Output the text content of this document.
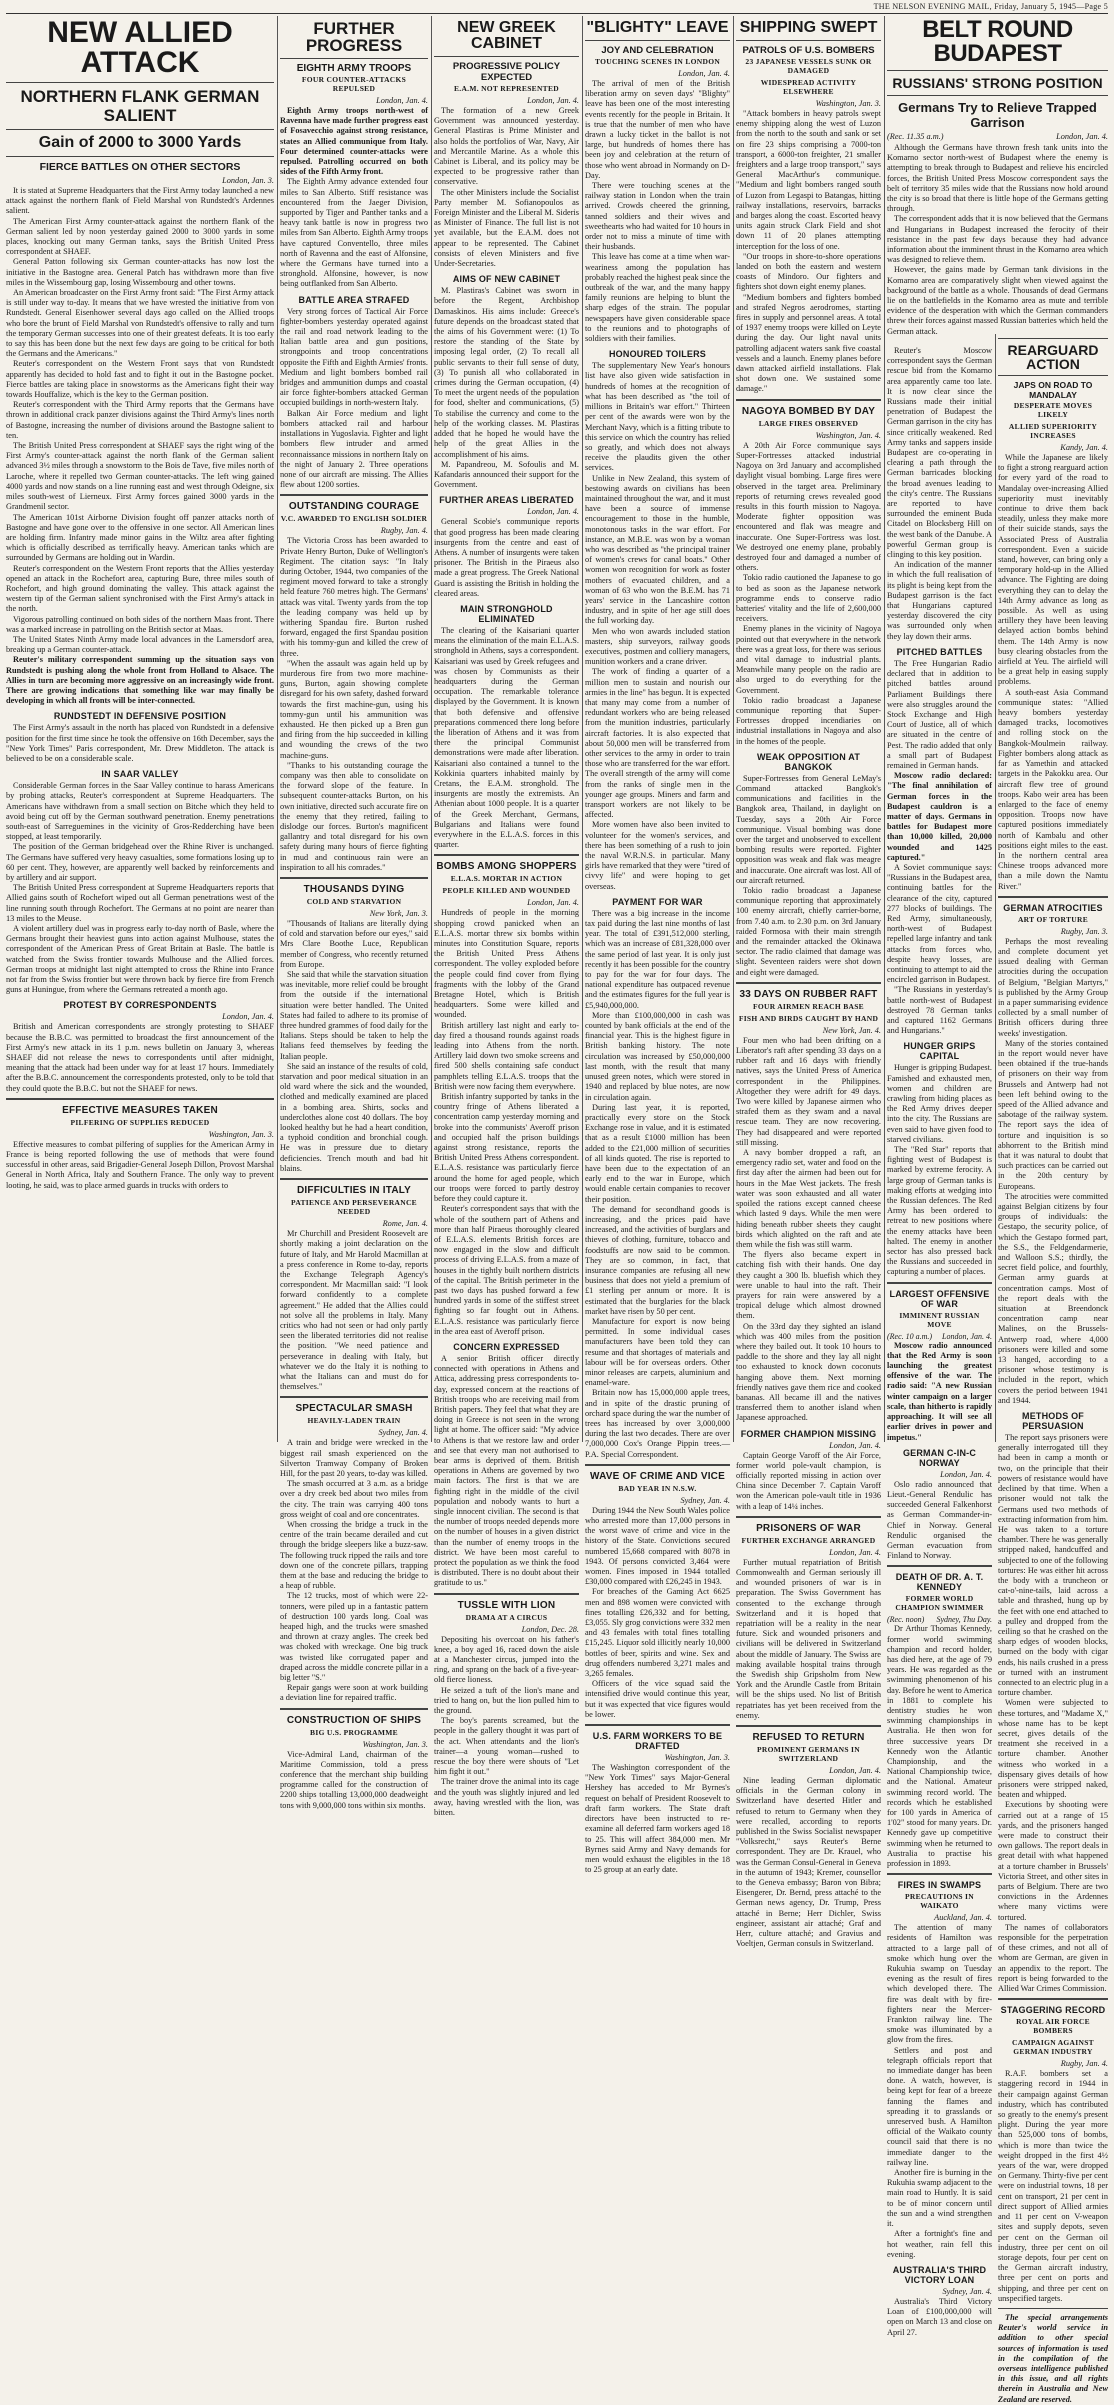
THE NELSON EVENING MAIL, Friday, January 5, 1945—Page 5
NEW ALLIED ATTACK
NORTHERN FLANK GERMAN SALIENT
Gain of 2000 to 3000 Yards
FIERCE BATTLES ON OTHER SECTORS
London, Jan. 3.

It is stated at Supreme Headquarters that the First Army today launched a new attack against the northern flank of Field Marshal von Rundstedt's Ardennes salient.

The American First Army counter-attack against the northern flank of the German salient led by noon yesterday gained 2000 to 3000 yards in some places, knocking out many German tanks, says the British United Press correspondent at SHAEF.

General Patton following six German counter-attacks has now lost the initiative in the Bastogne area. General Patch has withdrawn more than five miles in the Wissembourg gap, losing Wissembourg and other towns.

An American broadcaster on the First Army front said: "The First Army attack is still under way to-day. It means that we have wrested the initiative from von Rundstedt. General Eisenhower several days ago called on the Allied troops who bore the brunt of Field Marshal von Rundstedt's offensive to rally and turn the temporary German successes into one of their greatest defeats. It is too early to say this has been done but the next few days are going to be critical for both the Germans and the Americans."

Reuter's correspondent on the Western Front says that von Rundstedt apparently has decided to hold fast and to fight it out in the Bastogne pocket. Fierce battles are taking place in snowstorms as the Americans fight their way towards Houffalize, which is the key to the German position.

Reuter's correspondent with the Third Army reports that the Germans have thrown in additional crack panzer divisions against the Third Army's lines north of Bastogne, increasing the number of divisions around the Bastogne salient to ten.

The British United Press correspondent at SHAEF says the right wing of the First Army's counter-attack against the north flank of the German salient advanced 3½ miles through a snowstorm to the Bois de Tave, five miles north of Laroche, where it repelled two German counter-attacks. The left wing gained 4000 yards and now stands on a line running east and west through Odeigne, six miles south-west of Lierneux. First Army forces gained 3000 yards in the Grandmenil sector.

The American 101st Airborne Division fought off panzer attacks north of Bastogne and have gone over to the offensive in one sector. All American lines are holding firm. Infantry made minor gains in the Wiltz area after fighting which is officially described as terrifically heavy. American tanks which are surrounded by Germans are holding out in Wardin.

Reuter's correspondent on the Western Front reports that the Allies yesterday opened an attack in the Rochefort area, capturing Bure, three miles south of Rochefort, and high ground dominating the valley. This attack against the western tip of the German salient synchronised with the First Army's attack in the north.

Vigorous patrolling continued on both sides of the northern Maas front. There was a marked increase in patrolling on the British sector at Maas.

The United States Ninth Army made local advances in the Lamersdorf area, breaking up a German counter-attack.

Reuter's military correspondent summing up the situation says von Rundstedt is pushing along the whole front from Holland to Alsace. The Allies in turn are becoming more aggressive on an increasingly wide front. There are growing indications that something like war may finally be developing in which all fronts will be inter-connected.

RUNDSTEDT IN DEFENSIVE POSITION

The First Army's assault in the north has placed von Rundstedt in a defensive position for the first time since he took the offensive on 16th December, says the "New York Times" Paris correspondent, Mr. Drew Middleton. The attack is believed to be on a considerable scale.

IN SAAR VALLEY

Considerable German forces in the Saar Valley continue to harass Americans by probing attacks, Reuter's correspondent at Supreme Headquarters. The Americans have withdrawn from a small section on Bitche which they held to avoid being cut off by the German southward penetration. Enemy penetrations south-east of Sarreguemines in the vicinity of Gros-Redderching have been stopped, at least temporarily.

The position of the German bridgehead over the Rhine River is unchanged. The Germans have suffered very heavy casualties, some formations losing up to 60 per cent. They, however, are apparently well backed by reinforcements and by artillery and air support.

The British United Press correspondent at Supreme Headquarters reports that Allied gains south of Rochefort wiped out all German penetrations west of the line running south through Rochefort. The Germans at no point are nearer than 13 miles to the Meuse.

A violent artillery duel was in progress early to-day north of Basle, where the Germans brought their heaviest guns into action against Mulhouse, states the correspondent of the American Press of Great Britain at Basle. The battle is watched from the Swiss frontier towards Mulhouse and the Allied forces. German troops at midnight last night attempted to cross the Rhine into France not far from the Swiss frontier but were thrown back by fierce fire from French guns at Huningue, from where the Germans retreated a month ago.

PROTEST BY CORRESPONDENTS
London, Jan. 4.

British and American correspondents are strongly protesting to SHAEF because the B.B.C. was permitted to broadcast the first announcement of the First Army's new attack in its 1 p.m. news bulletin on January 3, whereas SHAEF did not release the news to correspondents until after midnight, meaning that the attack had been under way for at least 17 hours. Immediately after the B.B.C. announcement the correspondents protested, only to be told that they could quote the B.B.C. but not the SHAEF for news.

EFFECTIVE MEASURES TAKEN
PILFERING OF SUPPLIES REDUCED
Washington, Jan. 3.

Effective measures to combat pilfering of supplies for the American Army in France is being reported following the use of methods that were found successful in other areas, said Brigadier-General Joseph Dillon, Provost Marshal General in North Africa, Italy and Southern France. The only way to prevent looting, he said, was to place armed guards in trucks with orders to

FURTHER PROGRESS
EIGHTH ARMY TROOPS
FOUR COUNTER-ATTACKS REPULSED
London, Jan. 4.

Eighth Army troops north-west of Ravenna have made further progress east of Fosavecchio against strong resistance, states an Allied communique from Italy. Four determined counter-attacks were repulsed. Patrolling occurred on both sides of the Fifth Army front.

The Eighth Army advance extended four miles to San Alberto. Stiff resistance was encountered from the Jaeger Division, supported by Tiger and Panther tanks and a heavy tank battle is now in progress two miles from San Alberto. Eighth Army troops have captured Conventello, three miles north of Ravenna and the east of Alfonsine, where the Germans have turned into a stronghold. Alfonsine, however, is now being outflanked from San Alberto.

BATTLE AREA STRAFED

Very strong forces of Tactical Air Force fighter-bombers yesterday operated against the rail and road network leading to the Italian battle area and gun positions, strongpoints and troop concentrations opposite the Fifth and Eighth Armies' fronts. Medium and light bombers bombed rail bridges and ammunition dumps and coastal air force fighter-bombers attacked German occupied buildings in north-western Italy.

Balkan Air Force medium and light bombers attacked rail and harbour installations in Yugoslavia. Fighter and light bombers flew intruder and armed reconnaissance missions in northern Italy on the night of January 2. Three operations none of our aircraft are missing. The Allies flew about 1200 sorties.

OUTSTANDING COURAGE
V.C. AWARDED TO ENGLISH SOLDIER
Rugby, Jan. 4.

The Victoria Cross has been awarded to Private Henry Burton, Duke of Wellington's Regiment. The citation says: "In Italy during October, 1944, two companies of the regiment moved forward to take a strongly held feature 760 metres high. The Germans' attack was vital. Twenty yards from the top the leading company was held up by withering Spandau fire. Burton rushed forward, engaged the first Spandau position with his tommy-gun and killed the crew of three.

"When the assault was again held up by murderous fire from two more machine-guns, Burton, again showing complete disregard for his own safety, dashed forward towards the first machine-gun, using his tommy-gun until his ammunition was exhausted. He then picked up a Bren gun and firing from the hip succeeded in killing and wounding the crews of the two machine-guns.

"Thanks to his outstanding courage the company was then able to consolidate on the forward slope of the feature. In subsequent counter-attacks Burton, on his own initiative, directed such accurate fire on the enemy that they retired, failing to dislodge our forces. Burton's magnificent gallantry and total disregard for his own safety during many hours of fierce fighting in mud and continuous rain were an inspiration to all his comrades."

THOUSANDS DYING
COLD AND STARVATION
New York, Jan. 3.

"Thousands of Italians are literally dying of cold and starvation before our eyes," said Mrs Clare Boothe Luce, Republican member of Congress, who recently returned from Europe.

She said that while the starvation situation was inevitable, more relief could be brought from the outside if the international situation were better handled. The United States had failed to adhere to its promise of three hundred grammes of food daily for the Italians. Steps should be taken to help the Italians feed themselves by feeding the Italian people.

She said an instance of the results of cold, starvation and poor medical situation in an old ward where the sick and the wounded, clothed and medically examined are placed in a bombing area. Shirts, socks and underclothes alone cost 40 dollars. The boy looked healthy but he had a heart condition, a typhoid condition and bronchial cough. He was in pressure due to dietary deficiencies. Trench mouth and bad hit blains.

DIFFICULTIES IN ITALY
PATIENCE AND PERSEVERANCE NEEDED
Rome, Jan. 4.

Mr Churchill and President Roosevelt are shortly making a joint declaration on the future of Italy, and Mr Harold Macmillan at a press conference in Rome to-day, reports the Exchange Telegraph Agency's correspondent. Mr Macmillan said: "I look forward confidently to a complete agreement." He added that the Allies could not solve all the problems in Italy. Many critics who had not seen or had only partly seen the liberated territories did not realise the position. "We need patience and perseverance in dealing with Italy, but whatever we do the Italy it is nothing to what the Italians can and must do for themselves."

SPECTACULAR SMASH
HEAVILY-LADEN TRAIN
Sydney, Jan. 4.

A train and bridge were wrecked in the biggest rail smash experienced on the Silverton Tramway Company of Broken Hill, for the past 20 years, to-day was killed.

The smash occurred at 3 a.m. as a bridge over a dry creek bed about two miles from the city. The train was carrying 400 tons gross weight of coal and ore concentrates.

When crossing the bridge a truck in the centre of the train became derailed and cut through the bridge sleepers like a buzz-saw. The following truck ripped the rails and tore down one of the concrete pillars, trapping them at the base and reducing the bridge to a heap of rubble.

The 12 trucks, most of which were 22-tonners, were piled up in a fantastic pattern of destruction 100 yards long. Coal was heaped high, and the trucks were smashed and thrown at crazy angles. The creek bed was choked with wreckage. One big truck was twisted like corrugated paper and draped across the middle concrete pillar in a big letter "S."

Repair gangs were soon at work building a deviation line for repaired traffic.

CONSTRUCTION OF SHIPS
BIG U.S. PROGRAMME
Washington, Jan. 3.

Vice-Admiral Land, chairman of the Maritime Commission, told a press conference that the merchant ship building programme called for the construction of 2200 ships totalling 13,000,000 deadweight tons with 9,000,000 tons within six months.

NEW GREEK CABINET
PROGRESSIVE POLICY EXPECTED
E.A.M. NOT REPRESENTED
London, Jan. 4.

The formation of a new Greek Government was announced yesterday. General Plastiras is Prime Minister and also holds the portfolios of War, Navy, Air and Mercantile Marine. As a whole this Cabinet is Liberal, and its policy may be expected to be progressive rather than conservative.

The other Ministers include the Socialist Party member M. Sofianopoulos as Foreign Minister and the Liberal M. Sideris as Minister of Finance. The full list is not yet available, but the E.A.M. does not appear to be represented. The Cabinet consists of eleven Ministers and five Under-Secretaries.

AIMS OF NEW CABINET

M. Plastiras's Cabinet was sworn in before the Regent, Archbishop Damaskinos. His aims include: Greece's future depends on the broadcast stated that the aims of his Government were: (1) To restore the standing of the State by imposing legal order, (2) To recall all public servants to their full sense of duty, (3) To punish all who collaborated in crimes during the German occupation, (4) To meet the urgent needs of the population for food, shelter and communications, (5) To stabilise the currency and come to the help of the working classes. M. Plastiras added that he hoped he would have the help of the great Allies in the accomplishment of his aims.

M. Papandreou, M. Sofoulis and M. Kafandaris announced their support for the Government.

FURTHER AREAS LIBERATED
London, Jan. 4.

General Scobie's communique reports that good progress has been made clearing insurgents from the centre and east of Athens. A number of insurgents were taken prisoner. The British in the Piraeus also made a great progress. The Greek National Guard is assisting the British in holding the cleared areas.

MAIN STRONGHOLD ELIMINATED

The clearing of the Kaisariani quarter means the elimination of the main E.L.A.S. stronghold in Athens, says a correspondent. Kaisariani was used by Greek refugees and was chosen by Communists as their headquarters during the German occupation. The remarkable tolerance displayed by the Government. It is known that both defensive and offensive preparations commenced there long before the liberation of Athens and it was from there the principal Communist demonstrations were made after liberation. Kaisariani also contained a tunnel to the Kokkinia quarters inhabited mainly by Cretans, the E.A.M. stronghold. The insurgents are mostly the extremists. An Athenian about 1000 people. It is a quarter of the Greek Merchant, Germans, Bulgarians and Italians were found everywhere in the E.L.A.S. forces in this quarter.

BOMBS AMONG SHOPPERS
E.L.A.S. MORTAR IN ACTION
PEOPLE KILLED AND WOUNDED
London, Jan. 4.

Hundreds of people in the morning shopping crowd panicked when an E.L.A.S. mortar threw six bombs within minutes into Constitution Square, reports the British United Press Athens correspondent. The volley exploded before the people could find cover from flying fragments with the lobby of the Grand Bretagne Hotel, which is British headquarters. Some were killed and wounded.

British artillery last night and early to-day fired a thousand rounds against roads leading into Athens from the north. Artillery laid down two smoke screens and fired 500 shells containing safe conduct pamphlets telling E.L.A.S. troops that the British were now facing them everywhere.

British infantry supported by tanks in the country fringe of Athens liberated a concentration camp yesterday morning and broke into the communists' Averoff prison and occupied half the prison buildings against strong resistance, reports the British United Press Athens correspondent. E.L.A.S. resistance was particularly fierce around the home for aged people, which our troops were forced to partly destroy before they could capture it.

Reuter's correspondent says that with the whole of the southern part of Athens and more than half Piraeus thoroughly cleared of E.L.A.S. elements British forces are now engaged in the slow and difficult process of driving E.L.A.S. from a maze of houses in the tightly built northern districts of the capital. The British perimeter in the past two days has pushed forward a few hundred yards in some of the stiffest street fighting so far fought out in Athens. E.L.A.S. resistance was particularly fierce in the area east of Averoff prison.

CONCERN EXPRESSED

A senior British officer directly connected with operations in Athens and Attica, addressing press correspondents to-day, expressed concern at the reactions of British troops who are receiving mail from British papers. They feel that what they are doing in Greece is not seen in the wrong light at home. The officer said: "My advice to Athens is that we restore law and order and see that every man not authorised to bear arms is deprived of them. British operations in Athens are governed by two main factors. The first is that we are fighting right in the middle of the civil population and nobody wants to hurt a single innocent civilian. The second is that the number of troops needed depends more on the number of houses in a given district than the number of enemy troops in the district. We have been most careful to protect the population as we think the food is distributed. There is no doubt about their gratitude to us."

TUSSLE WITH LION
DRAMA AT A CIRCUS
London, Dec. 28.

Depositing his overcoat on his father's knee, a boy aged 16, raced down the aisle at a Manchester circus, jumped into the ring, and sprang on the back of a five-year-old fierce lioness.

He seized a tuft of the lion's mane and tried to hang on, but the lion pulled him to the ground.

The boy's parents screamed, but the people in the gallery thought it was part of the act. When attendants and the lion's trainer—a young woman—rushed to rescue the boy there were shouts of "Let him fight it out."

The trainer drove the animal into its cage and the youth was slightly injured and led away, having wrestled with the lion, was bitten.

"BLIGHTY" LEAVE
JOY AND CELEBRATION
TOUCHING SCENES IN LONDON
London, Jan. 4.

The arrival of men of the British liberation army on seven days' "Blighty" leave has been one of the most interesting events recently for the people in Britain. It is true that the number of men who have drawn a lucky ticket in the ballot is not large, but hundreds of homes there has been joy and celebration at the return of those who went abroad in Normandy on D-Day.

There were touching scenes at the railway station in London when the train arrived. Crowds cheered the grinning, tanned soldiers and their wives and sweethearts who had waited for 10 hours in order not to miss a minute of time with their husbands.

This leave has come at a time when war-weariness among the population has probably reached the highest peak since the outbreak of the war, and the many happy family reunions are helping to blunt the sharp edges of the strain. The popular newspapers have given considerable space to the reunions and to photographs of soldiers with their families.

HONOURED TOILERS

The supplementary New Year's honours list have also given wide satisfaction in hundreds of homes at the recognition of what has been described as "the toil of millions in Britain's war effort." Thirteen per cent of the awards were won by the Merchant Navy, which is a fitting tribute to this service on which the country has relied so greatly, and which does not always receive the plaudits given the other services.

Unlike in New Zealand, this system of bestowing awards on civilians has been maintained throughout the war, and it must have been a source of immense encouragement to those in the humble, monotonous tasks in the war effort. For instance, an M.B.E. was won by a woman who was described as "the principal trainer of women's crews for canal boats." Other women won recognition for work as foster mothers of evacuated children, and a woman of 63 who won the B.E.M. has 71 years' service in the Lancashire cotton industry, and in spite of her age still does the full working day.

Men who won awards included station masters, ship surveyors, railway goods executives, postmen and colliery managers, munition workers and a crane driver.

The work of finding a quarter of a million men to sustain and nourish our armies in the line" has begun. It is expected that many may come from a number of redundant workers who are being released from the munition industries, particularly aircraft factories. It is also expected that about 50,000 men will be transferred from other services to the army in order to train those who are transferred for the war effort. The overall strength of the army will come from the ranks of single men in the younger age groups. Miners and farm and transport workers are not likely to be affected.

More women have also been invited to volunteer for the women's services, and there has been something of a rush to join the naval W.R.N.S. in particular. Many girls have remarked that they were "tired of civvy life" and were hoping to get overseas.

PAYMENT FOR WAR

There was a big increase in the income tax paid during the last nine months of last year. The total of £391,512,000 sterling, which was an increase of £81,328,000 over the same period of last year. It is only just recently it has been possible for the country to pay for the war for four days. The national expenditure has outpaced revenue and the estimates figures for the full year is £5,940,000,000.

More than £100,000,000 in cash was counted by bank officials at the end of the financial year. This is the highest figure in British banking history. The note circulation was increased by £50,000,000 last month, with the result that many unused green notes, which were stored in 1940 and replaced by blue notes, are now in circulation again.

During last year, it is reported, practically every store on the Stock Exchange rose in value, and it is estimated that as a result £1000 million has been added to the £21,000 million of securities of all kinds quoted. The rise is reported to have been due to the expectation of an early end to the war in Europe, which would enable certain companies to recover their position.

The demand for secondhand goods is increasing, and the prices paid have increased, and the activities of burglars and thieves of clothing, furniture, tobacco and foodstuffs are now said to be common. They are so common, in fact, that insurance companies are refusing all new business that does not yield a premium of £1 sterling per annum or more. It is estimated that the burglaries for the black market have risen by 50 per cent.

Manufacture for export is now being permitted. In some individual cases manufacturers have been told they can resume and that shortages of materials and labour will be for overseas orders. Other minor releases are carpets, aluminium and enamel-ware.

Britain now has 15,000,000 apple trees, and in spite of the drastic pruning of orchard space during the war the number of trees has increased by over 3,000,000 during the last two decades. There are over 7,000,000 Cox's Orange Pippin trees.—P.A. Special Correspondent.

WAVE OF CRIME AND VICE
BAD YEAR IN N.S.W.
Sydney, Jan. 4.

During 1944 the New South Wales police who arrested more than 17,000 persons in the worst wave of crime and vice in the history of the State. Convictions secured numbered 15,668 compared with 8078 in 1943. Of persons convicted 3,464 were women. Fines imposed in 1944 totalled £30,000 compared with £26,245 in 1943.

For breaches of the Gaming Act 6625 men and 898 women were convicted with fines totalling £26,332 and for betting, £3,055. Sly grog convictions were 332 men and 43 females with total fines totalling £15,245. Liquor sold illicitly nearly 10,000 bottles of beer, spirits and wine. Sex and drug offenders numbered 3,271 males and 3,265 females.

Officers of the vice squad said the intensified drive would continue this year, but it was expected that vice figures would be lower.

U.S. FARM WORKERS TO BE DRAFTED
Washington, Jan. 3.

The Washington correspondent of the "New York Times" says Major-General Hershey has acceded to Mr Byrnes's request on behalf of President Roosevelt to draft farm workers. The State draft directors have been instructed to re-examine all deferred farm workers aged 18 to 25. This will affect 384,000 men. Mr Byrnes said Army and Navy demands for men would exhaust the eligibles in the 18 to 25 group at an early date.

SHIPPING SWEPT
PATROLS OF U.S. BOMBERS
23 JAPANESE VESSELS SUNK OR DAMAGED
WIDESPREAD ACTIVITY ELSEWHERE
Washington, Jan. 3.

"Attack bombers in heavy patrols swept enemy shipping along the west of Luzon from the north to the south and sank or set on fire 23 ships comprising a 7000-ton transport, a 6000-ton freighter, 21 smaller freighters and a large troop transport," says General MacArthur's communique. "Medium and light bombers ranged south of Luzon from Legaspi to Batangas, hitting railway installations, reservoirs, barracks and barges along the coast. Escorted heavy units again struck Clark Field and shot down 11 of 20 planes attempting interception for the loss of one.

"Our troops in shore-to-shore operations landed on both the eastern and western coasts of Mindoro. Our fighters and fighters shot down eight enemy planes.

"Medium bombers and fighters bombed and strafed Negros aerodromes, starting fires in supply and personnel areas. A total of 1937 enemy troops were killed on Leyte during the day. Our light naval units patrolling adjacent waters sank five coastal vessels and a launch. Enemy planes before dawn attacked airfield installations. Flak shot down one. We sustained some damage."

NAGOYA BOMBED BY DAY
LARGE FIRES OBSERVED
Washington, Jan. 4.

A 20th Air Force communique says Super-Fortresses attacked industrial Nagoya on 3rd January and accomplished daylight visual bombing. Large fires were observed in the target area. Preliminary reports of returning crews revealed good results in this fourth mission to Nagoya. Moderate fighter opposition was encountered and flak was meagre and inaccurate. One Super-Fortress was lost. We destroyed one enemy plane, probably destroyed four and damaged a number of others.

Tokio radio cautioned the Japanese to go to bed as soon as the Japanese network programme ends to conserve radio batteries' vitality and the life of 2,600,000 receivers.

Enemy planes in the vicinity of Nagoya pointed out that everywhere in the network there was a great loss, for there was serious and vital damage to industrial plants. Meanwhile many people on the radio are also urged to do everything for the Government.

Tokio radio broadcast a Japanese communique reporting that Super-Fortresses dropped incendiaries on industrial installations in Nagoya and also in the homes of the people.

WEAK OPPOSITION AT BANGKOK

Super-Fortresses from General LeMay's Command attacked Bangkok's communications and facilities in the Bangkok area, Thailand, in daylight on Tuesday, says a 20th Air Force communique. Visual bombing was done over the target and unobserved to excellent bombing results were reported. Fighter opposition was weak and flak was meagre and inaccurate. One aircraft was lost. All of our aircraft returned.

Tokio radio broadcast a Japanese communique reporting that approximately 100 enemy aircraft, chiefly carrier-borne, from 7.40 a.m. to 2.30 p.m. on 3rd January raided Formosa with their main strength and the remainder attacked the Okinawa sector. The radio claimed that damage was slight. Seventeen raiders were shot down and eight were damaged.

33 DAYS ON RUBBER RAFT
FOUR AIRMEN REACH BASE
FISH AND BIRDS CAUGHT BY HAND
New York, Jan. 4.

Four men who had been drifting on a Liberator's raft after spending 33 days on a rubber raft and 16 days with friendly natives, says the United Press of America correspondent in the Philippines. Altogether they were adrift for 49 days. Two were killed by Japanese airmen who strafed them as they swam and a naval rescue team. They are now recovering. They had disappeared and were reported still missing.

A navy bomber dropped a raft, an emergency radio set, water and food on the first day after the airmen had been out for hours in the Mae West jackets. The fresh water was soon exhausted and all water spoiled the rations except canned cheese which lasted 9 days. While the men were hiding beneath rubber sheets they caught birds which alighted on the raft and ate them while the fish was still warm.

The flyers also became expert in catching fish with their hands. One day they caught a 300 lb. bluefish which they were unable to haul into the raft. Their prayers for rain were answered by a tropical deluge which almost drowned them.

On the 33rd day they sighted an island which was 400 miles from the position where they bailed out. It took 10 hours to paddle to the shore and they lay all night too exhausted to knock down coconuts hanging above them. Next morning friendly natives gave them rice and cooked bananas. All became ill and the natives transferred them to another island when Japanese approached.

FORMER CHAMPION MISSING
London, Jan. 4.

Captain George Varoff of the Air Force, former world pole-vault champion, is officially reported missing in action over China since December 7. Captain Varoff won the American pole-vault title in 1936 with a leap of 14¼ inches.

PRISONERS OF WAR
FURTHER EXCHANGE ARRANGED
London, Jan. 4.

Further mutual repatriation of British Commonwealth and German seriously ill and wounded prisoners of war is in preparation. The Swiss Government has consented to the exchange through Switzerland and it is hoped that repatriation will be a reality in the near future. Sick and wounded prisoners and civilians will be delivered in Switzerland about the middle of January. The Swiss are making available hospital trains through the Swedish ship Gripsholm from New York and the Arundle Castle from Britain will be the ships used. No list of British repatriates has yet been received from the enemy.

REFUSED TO RETURN
PROMINENT GERMANS IN SWITZERLAND
London, Jan. 4.

Nine leading German diplomatic officials in the German colony in Switzerland have deserted Hitler and refused to return to Germany when they were recalled, according to reports published in the Swiss Socialist newspaper "Volksrecht," says Reuter's Berne correspondent. They are Dr. Krauel, who was the German Consul-General in Geneva in the autumn of 1943; Kremer, counsellor to the Geneva embassy; Baron von Bibra; Eisengerer, Dr. Bernd, press attaché to the German news agency, Dr. Trump, Press attaché in Berne; Herr Dichler, Swiss engineer, assistant air attaché; Graf and Herr, culture attaché; and Gravius and Voeltjen, German consuls in Switzerland.

BELT ROUND BUDAPEST
RUSSIANS' STRONG POSITION
Germans Try to Relieve Trapped Garrison
(Rec. 11.35 a.m.)	London, Jan. 4.

Although the Germans have thrown fresh tank units into the Komarno sector north-west of Budapest where the enemy is attempting to break through to Budapest and relieve his encircled forces, the British United Press Moscow correspondent says the belt of territory 35 miles wide that the Russians now hold around the city is so broad that there is little hope of the Germans getting through.

The correspondent adds that it is now believed that the Germans and Hungarians in Budapest increased the ferocity of their resistance in the past few days because they had advance information about the imminent thrust in the Komarno area which was designed to relieve them.

However, the gains made by German tank divisions in the Komarno area are comparatively slight when viewed against the background of the battle as a whole. Thousands of dead Germans lie on the battlefields in the Komarno area as mute and terrible evidence of the desperation with which the German commanders threw their forces against massed Russian batteries which held the German attack.

Reuter's Moscow correspondent says the German rescue bid from the Komarno area apparently came too late. It is now clear since the Russians made their initial penetration of Budapest the German garrison in the city has since critically weakened. Red Army tanks and sappers inside Budapest are co-operating in clearing a path through the German barricades blocking the broad avenues leading to the city's centre. The Russians are reported to have surrounded the eminent Buda Citadel on Blocksberg Hill on the west bank of the Danube. A powerful German group is clinging to this key position.

An indication of the manner in which the full realisation of its plight is being kept from the Budapest garrison is the fact that Hungarians captured yesterday discovered the city was surrounded only when they lay down their arms.

PITCHED BATTLES

The Free Hungarian Radio declared that in addition to pitched battles around Parliament Buildings there were also struggles around the Stock Exchange and High Court of Justice, all of which are situated in the centre of Pest. The radio added that only a small part of Budapest remained in German hands.

Moscow radio declared: "The final annihilation of German forces in the Budapest cauldron is a matter of days. Germans in battles for Budapest more than 10,000 killed, 20,000 wounded and 1425 captured."

A Soviet communique says: "Russians in the Budapest area, continuing battles for the clearance of the city, captured 277 blocks of buildings. The Red Army, simultaneously, north-west of Budapest repelled large infantry and tank attacks from forces who, despite heavy losses, are continuing to attempt to aid the encircled garrison in Budapest.

"The Russians in yesterday's battle north-west of Budapest destroyed 78 German tanks and captured 1162 Germans and Hungarians."

HUNGER GRIPS CAPITAL

Hunger is gripping Budapest. Famished and exhausted men, women and children are crawling from hiding places as the Red Army drives deeper into the city. The Russians are even said to have given food to starved civilians.

The "Red Star" reports that fighting west of Budapest is marked by extreme ferocity. A large group of German tanks is making efforts at wedging into the Russian defences. The Red Army has been ordered to retreat to new positions where the enemy attacks have been halted. The enemy in another sector has also pressed back the Russians and succeeded in capturing a number of places.

LARGEST OFFENSIVE OF WAR
IMMINENT RUSSIAN MOVE
(Rec. 10 a.m.) London, Jan. 4.

Moscow radio announced that the Red Army is soon launching the greatest offensive of the war. The radio said: "A new Russian winter campaign on a larger scale, than hitherto is rapidly approaching. It will see all earlier drives in power and impetus."

GERMAN C-IN-C NORWAY
London, Jan. 4.

Oslo radio announced that Lieut.-General Rendulic has succeeded General Falkenhorst as German Commander-in-Chief in Norway. General Rendulic organised the German evacuation from Finland to Norway.

DEATH OF DR. A. T. KENNEDY
FORMER WORLD CHAMPION SWIMMER
(Rec. noon) Sydney, Thu Day.

Dr Arthur Thomas Kennedy, former world swimming champion and record holder, has died here, at the age of 79 years. He was regarded as the swimming phenomenon of his day. Before he went to America in 1881 to complete his dentistry studies he won swimming championships in Australia. He then won for three successive years Dr Kennedy won the Atlantic Championship, and the National Championship twice, and the National. Amateur swimming record world. The records which he established for 100 yards in America of 1'02" stood for many years. Dr. Kennedy gave up competitive swimming when he returned to Australia to practise his profession in 1893.

FIRES IN SWAMPS
PRECAUTIONS IN WAIKATO
Auckland, Jan. 4.

The attention of many residents of Hamilton was attracted to a large pall of smoke which hung over the Rukuhia swamp on Tuesday evening as the result of fires which developed there. The fire was dealt with by fire-fighters near the Mercer-Frankton railway line. The smoke was illuminated by a glow from the fires.

Settlers and post and telegraph officials report that no immediate danger has been done. A watch, however, is being kept for fear of a breeze fanning the flames and spreading it to grasslands or unreserved bush. A Hamilton official of the Waikato county council said that there is no immediate danger to the railway line.

Another fire is burning in the Rukuhia swamp adjacent to the main road to Huntly. It is said to be of minor concern until the sun and a wind strengthen it.

After a fortnight's fine and hot weather, rain fell this evening.

AUSTRALIA'S THIRD VICTORY LOAN
Sydney, Jan. 4.

Australia's Third Victory Loan of £100,000,000 will open on March 13 and close on April 27.

REARGUARD ACTION
JAPS ON ROAD TO MANDALAY
DESPERATE MOVES LIKELY
ALLIED SUPERIORITY INCREASES
Kandy, Jan. 4.

While the Japanese are likely to fight a strong rearguard action for every yard of the road to Mandalay over-increasing Allied superiority must inevitably continue to drive them back steadily, unless they make more of their suicide stands, says the Associated Press of Australia correspondent. Even a suicide stand, however, can bring only a temporary hold-up in the Allied advance. The Fighting are doing everything they can to delay the 14th Army advance as long as possible. As well as using artillery they have been leaving delayed action bombs behind them. The 14th Army is now busy clearing obstacles from the airfield at Yeu. The airfield will be a great help in easing supply problems.

A south-east Asia Command communique states: "Allied heavy bombers yesterday damaged tracks, locomotives and rolling stock on the Bangkok-Moulmein railway. Fighter bombers along attack as far as Yamethin and attacked targets in the Pakokku area. Our aircraft flew tree of ground troops. Kabo weir area has been enlarged to the face of enemy opposition. Troops now have captured positions immediately north of Kambalu and other positions eight miles to the east. In the northern central area Chinese troops advanced more than a mile down the Namtu River."

GERMAN ATROCITIES
ART OF TORTURE
Rugby, Jan. 3.

Perhaps the most revealing and complete document yet issued dealing with German atrocities during the occupation of Belgium, "Belgian Martyrs," is published by the Army Group in a paper summarising evidence collected by a small number of British officers during three weeks' investigation.

Many of the stories contained in the report would never have been obtained if the true-hands of prisoners on their way from Brussels and Antwerp had not been left behind owing to the speed of the Allied advance and sabotage of the railway system. The report says the idea of torture and inquisition is so abhorrent to the British mind that it was natural to doubt that such practices can be carried out in the 20th century by Europeans.

The atrocities were committed against Belgian citizens by four groups of individuals: the Gestapo, the security police, of which the Gestapo formed part, the S.S., the Feldgendarmerie, and Walloon S.S.; thirdly, the secret field police, and fourthly, German army guards at concentration camps. Most of the report deals with the situation at Breendonck concentration camp near Malines, on the Brussels-Antwerp road, where 4,000 prisoners were killed and some 13 hanged, according to a prisoner whose testimony is included in the report, which covers the period between 1941 and 1944.

METHODS OF PERSUASION

The report says prisoners were generally interrogated till they had been in camp a month or two, on the principle that their powers of resistance would have declined by that time. When a prisoner would not talk the Germans used two methods of extracting information from him. He was taken to a torture chamber. There he was generally stripped naked, handcuffed and subjected to one of the following tortures: He was either hit across the body with a truncheon or cat-o'-nine-tails, laid across a table and thrashed, hung up by the feet with one end attached to a pulley and dropped from the ceiling so that he crashed on the sharp edges of wooden blocks, burned on the body with cigar ends, his nails crushed in a press or turned with an instrument connected to an electric plug in a torture chamber.

Women were subjected to these tortures, and "Madame X," whose name has to be kept secret, gives details of the treatment she received in a torture chamber. Another witness who worked in a dispensary gives details of how prisoners were stripped naked, beaten and whipped.

Executions by shooting were carried out at a range of 15 yards, and the prisoners hanged were made to construct their own gallows. The report deals in great detail with what happened at a torture chamber in Brussels' Victoria Street, and other sites in parts of Belgium. There are two convictions in the Ardennes where many victims were tortured.

The names of collaborators responsible for the perpetration of these crimes, and not all of whom are German, are given in an appendix to the report. The report is being forwarded to the Allied War Crimes Commission.

STAGGERING RECORD
ROYAL AIR FORCE BOMBERS
CAMPAIGN AGAINST GERMAN INDUSTRY
Rugby, Jan. 4.

R.A.F. bombers set a staggering record in 1944 in their campaign against German industry, which has contributed so greatly to the enemy's present plight. During the year more than 525,000 tons of bombs, which is more than twice the weight dropped in the first 4½ years of the war, were dropped on Germany. Thirty-five per cent were on industrial towns, 18 per cent on transport, 21 per cent in direct support of Allied armies and 11 per cent on V-weapon sites and supply depots, seven per cent on the German oil industry, three per cent on oil storage depots, four per cent on the German aircraft industry, three per cent on ports and shipping, and three per cent on unspecified targets.

The special arrangements Reuter's world service in addition to other special sources of information is used in the compilation of the overseas intelligence published in this issue, and all rights therein in Australia and New Zealand are reserved.
